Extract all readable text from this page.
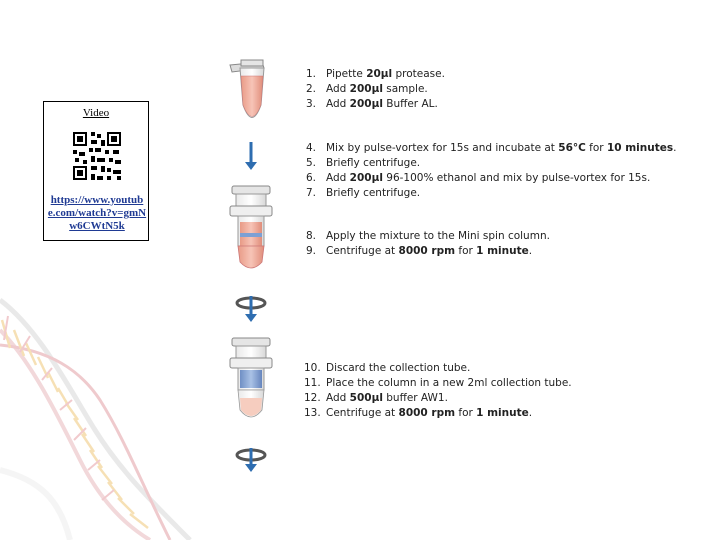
Video
https://www.youtube.com/watch?v=gmNw6CWtN5k
1. Pipette 20µl protease.
2. Add 200µl sample.
3. Add 200µl Buffer AL.
4. Mix by pulse-vortex for 15s and incubate at 56°C for 10 minutes.
5. Briefly centrifuge.
6. Add 200µl 96-100% ethanol and mix by pulse-vortex for 15s.
7. Briefly centrifuge.
8. Apply the mixture to the Mini spin column.
9. Centrifuge at 8000 rpm for 1 minute.
10. Discard the collection tube.
11. Place the column in a new 2ml collection tube.
12. Add 500µl buffer AW1.
13. Centrifuge at 8000 rpm for 1 minute.
